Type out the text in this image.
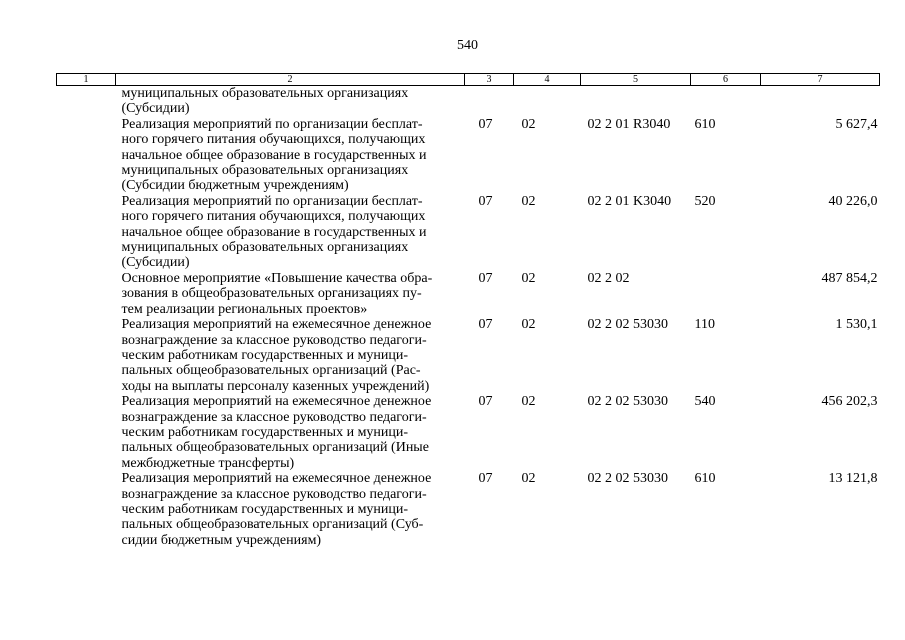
540
1	2	3	4	5	6	7

	муниципальных образовательных организациях
(Субсидии)					

	Реализация мероприятий по организации бесплат-
ного горячего питания обучающихся, получающих
начальное общее образование в государственных и
муниципальных образовательных организациях
(Субсидии бюджетным учреждениям)	07	02	02 2 01 R3040	610	5 627,4

	Реализация мероприятий по организации бесплат-
ного горячего питания обучающихся, получающих
начальное общее образование в государственных и
муниципальных образовательных организациях
(Субсидии)	07	02	02 2 01 K3040	520	40 226,0

	Основное мероприятие «Повышение качества обра-
зования в общеобразовательных организациях пу-
тем реализации региональных проектов»	07	02	02 2 02		487 854,2

	Реализация мероприятий на ежемесячное денежное
вознаграждение за классное руководство педагоги-
ческим работникам государственных и муници-
пальных общеобразовательных организаций (Рас-
ходы на выплаты персоналу казенных учреждений)	07	02	02 2 02 53030	110	1 530,1

	Реализация мероприятий на ежемесячное денежное
вознаграждение за классное руководство педагоги-
ческим работникам государственных и муници-
пальных общеобразовательных организаций (Иные
межбюджетные трансферты)	07	02	02 2 02 53030	540	456 202,3

	Реализация мероприятий на ежемесячное денежное
вознаграждение за классное руководство педагоги-
ческим работникам государственных и муници-
пальных общеобразовательных организаций (Суб-
сидии бюджетным учреждениям)	07	02	02 2 02 53030	610	13 121,8
